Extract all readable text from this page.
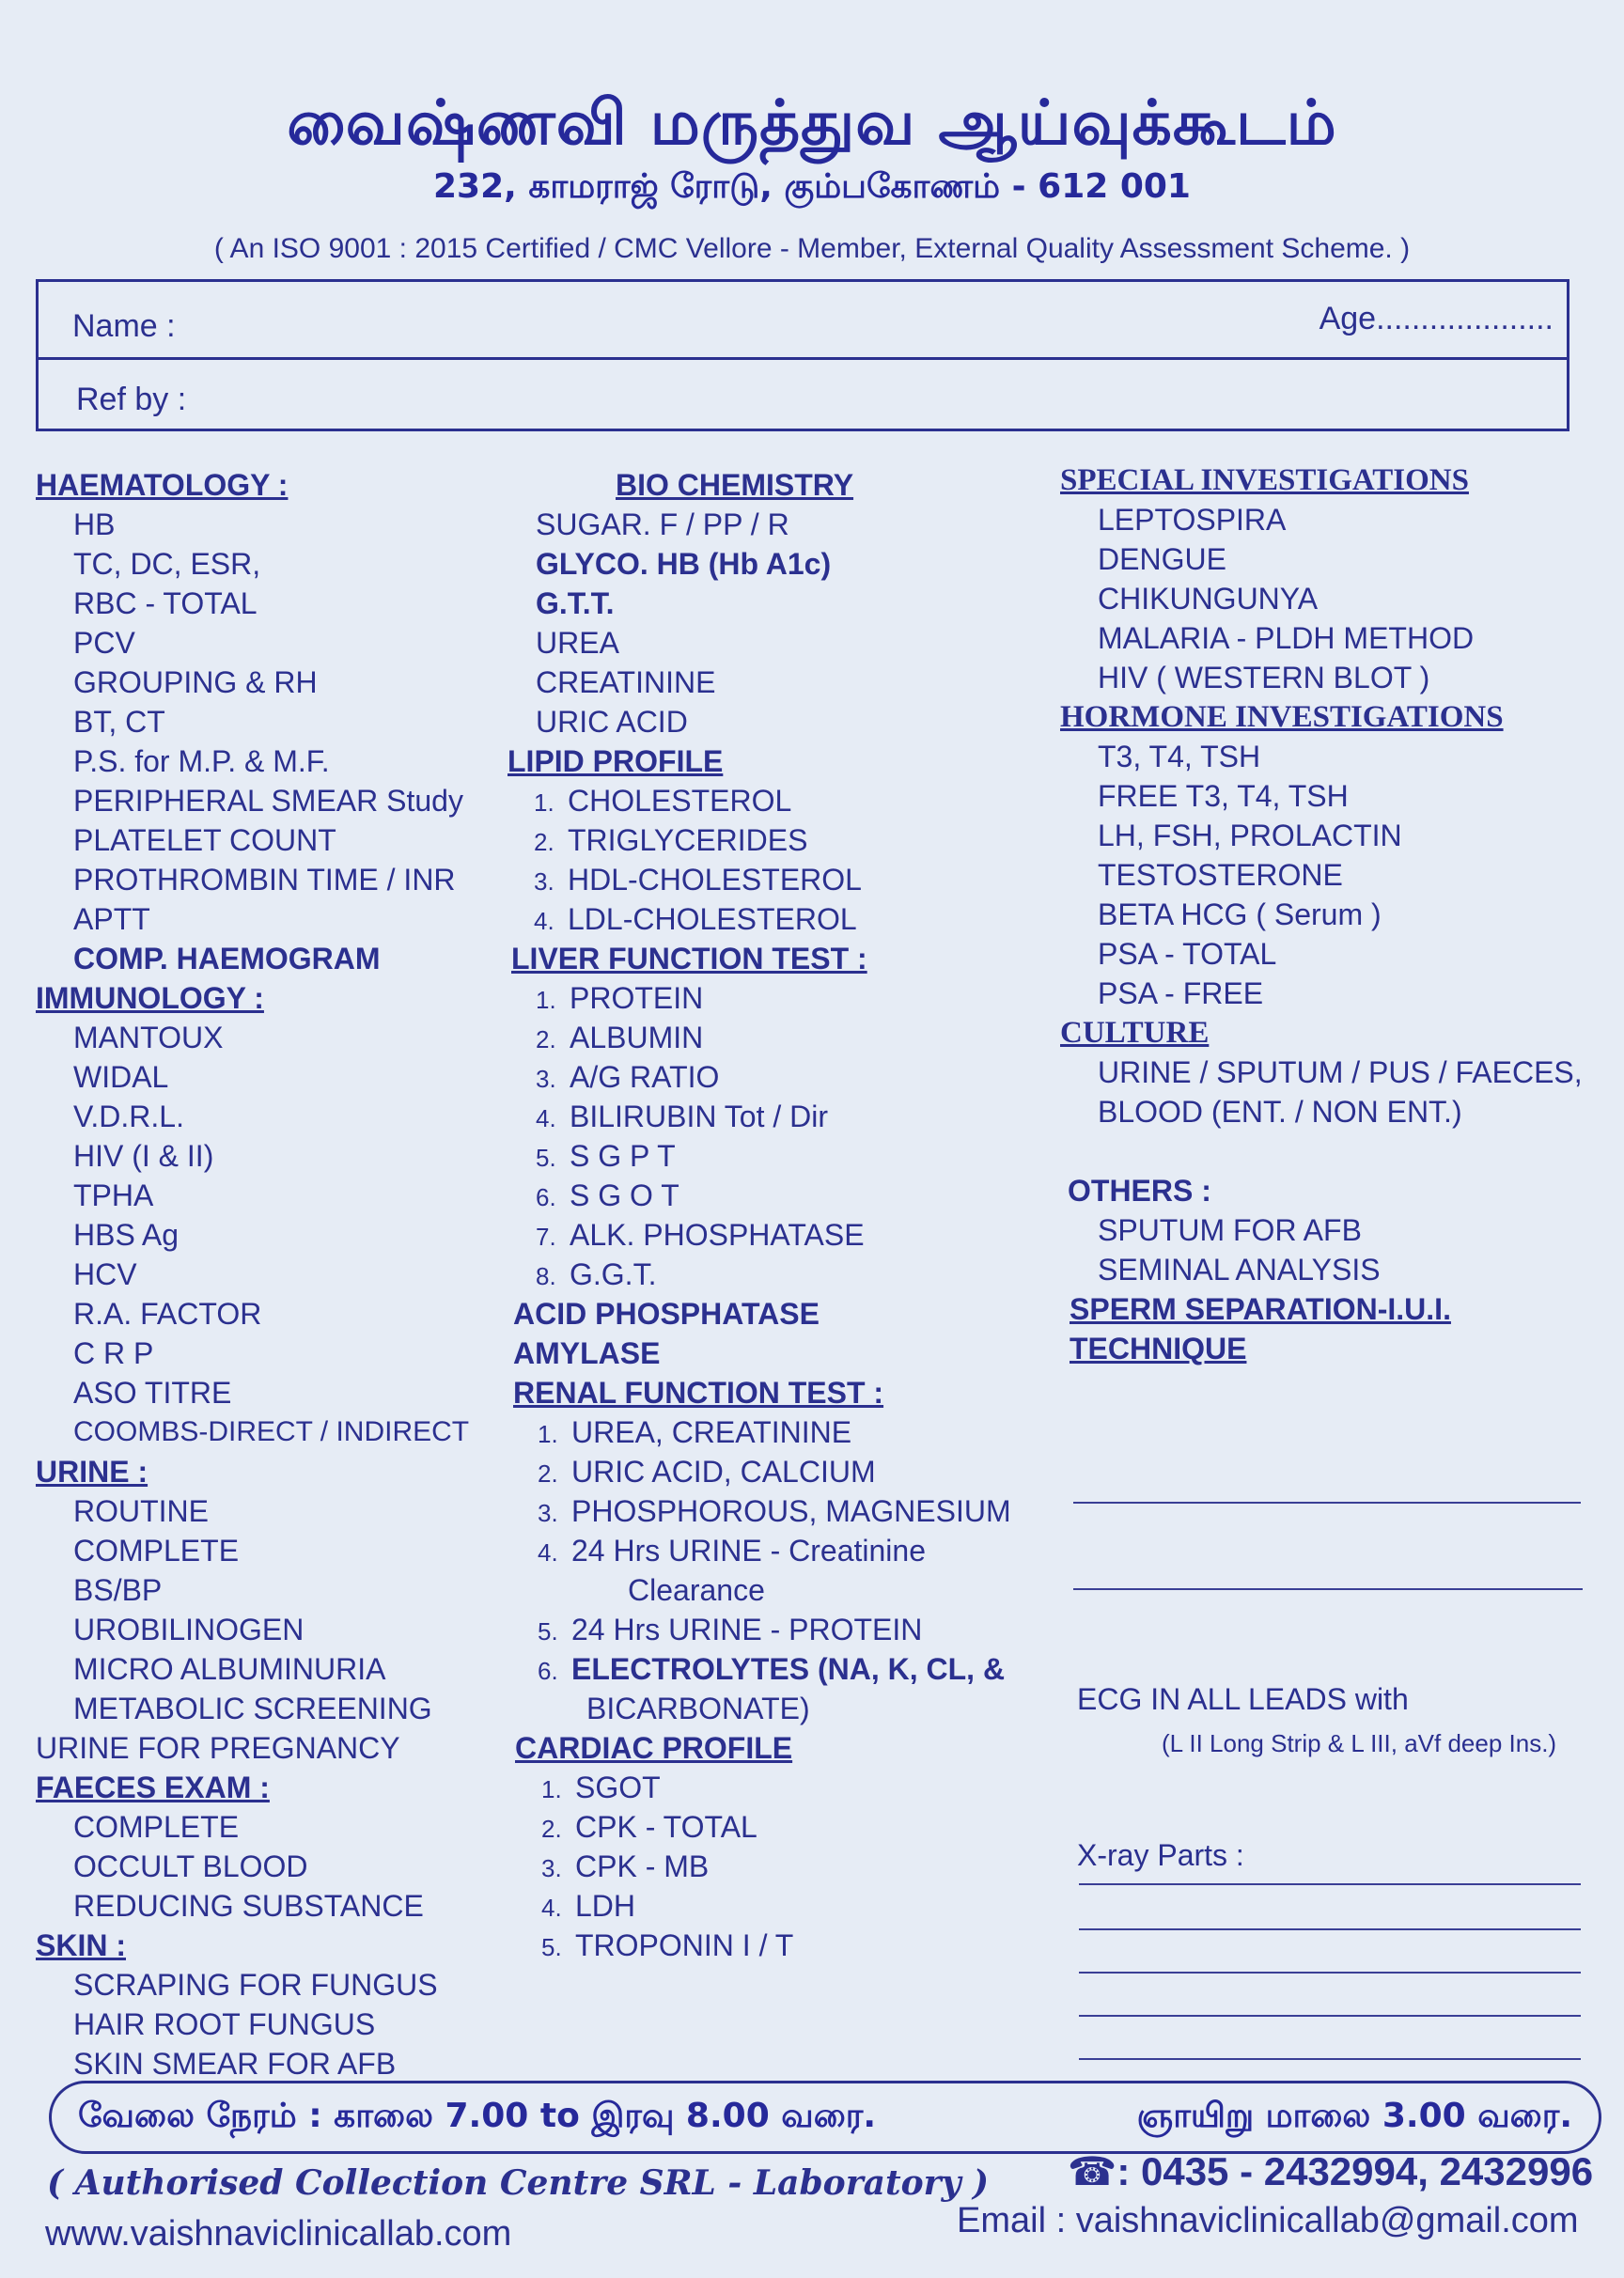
வைஷ்ணவி மருத்துவ ஆய்வுக்கூடம்
232, காமராஜ் ரோடு, கும்பகோணம் - 612 001
( An ISO 9001 : 2015 Certified / CMC Vellore - Member, External Quality Assessment Scheme. )
Name :	Age....................
Ref by :
HAEMATOLOGY :
HB
TC, DC, ESR,
RBC - TOTAL
PCV
GROUPING & RH
BT, CT
P.S. for M.P. & M.F.
PERIPHERAL SMEAR Study
PLATELET COUNT
PROTHROMBIN TIME / INR
APTT
COMP. HAEMOGRAM
IMMUNOLOGY :
MANTOUX
WIDAL
V.D.R.L.
HIV (I & II)
TPHA
HBS Ag
HCV
R.A. FACTOR
C R P
ASO TITRE
COOMBS-DIRECT / INDIRECT
URINE :
ROUTINE
COMPLETE
BS/BP
UROBILINOGEN
MICRO ALBUMINURIA
METABOLIC SCREENING
URINE FOR PREGNANCY
FAECES EXAM :
COMPLETE
OCCULT BLOOD
REDUCING SUBSTANCE
SKIN :
SCRAPING FOR FUNGUS
HAIR ROOT FUNGUS
SKIN SMEAR FOR AFB
BIO CHEMISTRY
SUGAR. F / PP / R
GLYCO. HB (Hb A1c)
G.T.T.
UREA
CREATININE
URIC ACID
LIPID PROFILE
1. CHOLESTEROL
2. TRIGLYCERIDES
3. HDL-CHOLESTEROL
4. LDL-CHOLESTEROL
LIVER FUNCTION TEST :
1. PROTEIN
2. ALBUMIN
3. A/G RATIO
4. BILIRUBIN Tot / Dir
5. S G P T
6. S G O T
7. ALK. PHOSPHATASE
8. G.G.T.
ACID PHOSPHATASE
AMYLASE
RENAL FUNCTION TEST :
1. UREA, CREATININE
2. URIC ACID, CALCIUM
3. PHOSPHOROUS, MAGNESIUM
4. 24 Hrs URINE - Creatinine
Clearance
5. 24 Hrs URINE - PROTEIN
6. ELECTROLYTES (NA, K, CL, &
BICARBONATE)
CARDIAC PROFILE
1. SGOT
2. CPK - TOTAL
3. CPK - MB
4. LDH
5. TROPONIN I / T
SPECIAL INVESTIGATIONS
LEPTOSPIRA
DENGUE
CHIKUNGUNYA
MALARIA - PLDH METHOD
HIV ( WESTERN BLOT )
HORMONE INVESTIGATIONS
T3, T4, TSH
FREE T3, T4, TSH
LH, FSH, PROLACTIN
TESTOSTERONE
BETA HCG ( Serum )
PSA - TOTAL
PSA - FREE
CULTURE
URINE / SPUTUM / PUS / FAECES,
BLOOD (ENT. / NON ENT.)
OTHERS :
SPUTUM FOR AFB
SEMINAL ANALYSIS
SPERM SEPARATION-I.U.I.
TECHNIQUE
ECG IN ALL LEADS with
(L II Long Strip & L III, aVf deep Ins.)
X-ray Parts :
வேலை நேரம் : காலை 7.00 to இரவு 8.00 வரை.	ஞாயிறு மாலை 3.00 வரை.
( Authorised Collection Centre SRL - Laboratory ) ☎: 0435 - 2432994, 2432996
www.vaishnaviclinicallab.com	Email : vaishnaviclinicallab@gmail.com
